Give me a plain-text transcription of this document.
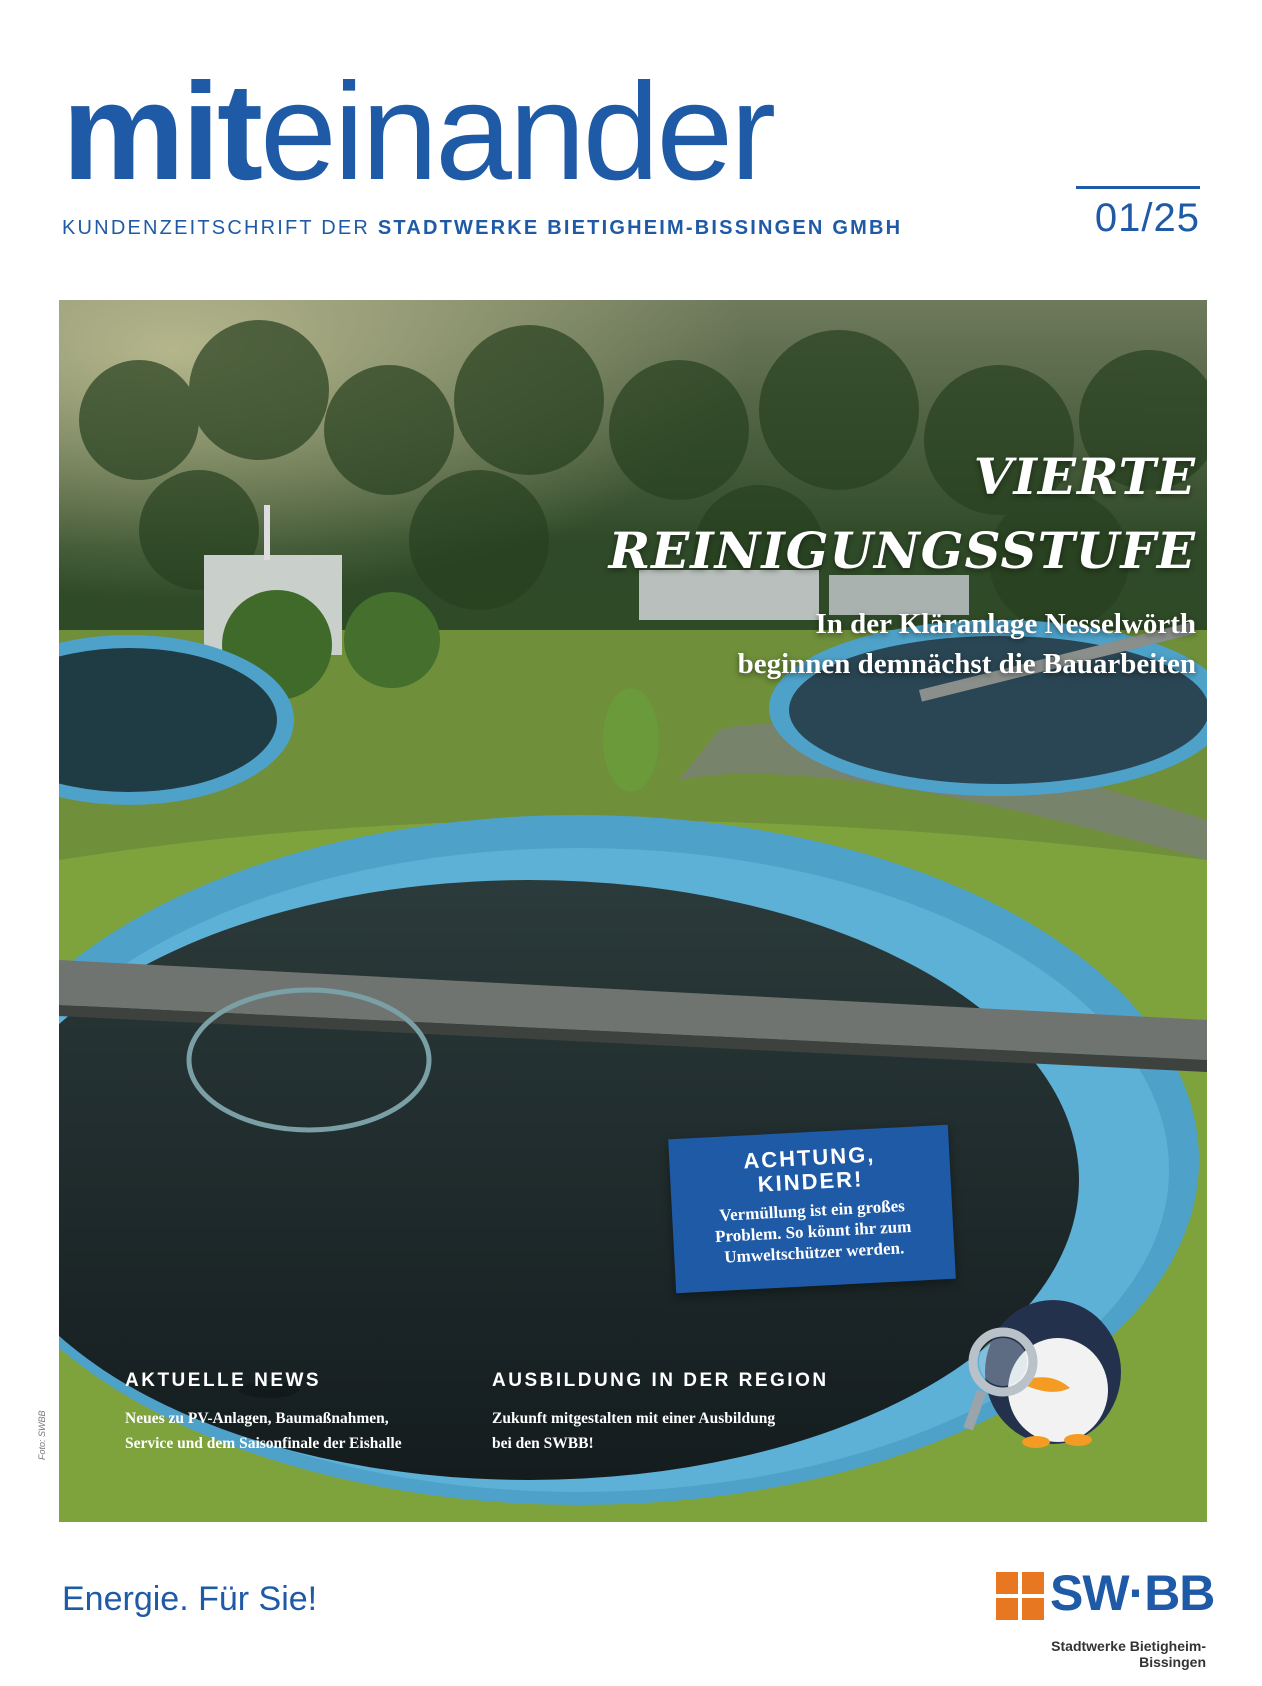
miteinander
KUNDENZEITSCHRIFT DER STADTWERKE BIETIGHEIM-BISSINGEN GMBH	01/25
VIERTE
REINIGUNGSSTUFE
In der Kläranlage Nesselwörth
beginnen demnächst die Bauarbeiten
ACHTUNG,
KINDER!
Vermüllung ist ein großes
Problem. So könnt ihr zum
Umweltschützer werden.
AKTUELLE NEWS
Neues zu PV-Anlagen, Baumaßnahmen,
Service und dem Saisonfinale der Eishalle
AUSBILDUNG IN DER REGION
Zukunft mitgestalten mit einer Ausbildung
bei den SWBB!
Foto: SWBB
Energie. Für Sie!	SW·BB
Stadtwerke Bietigheim-Bissingen
